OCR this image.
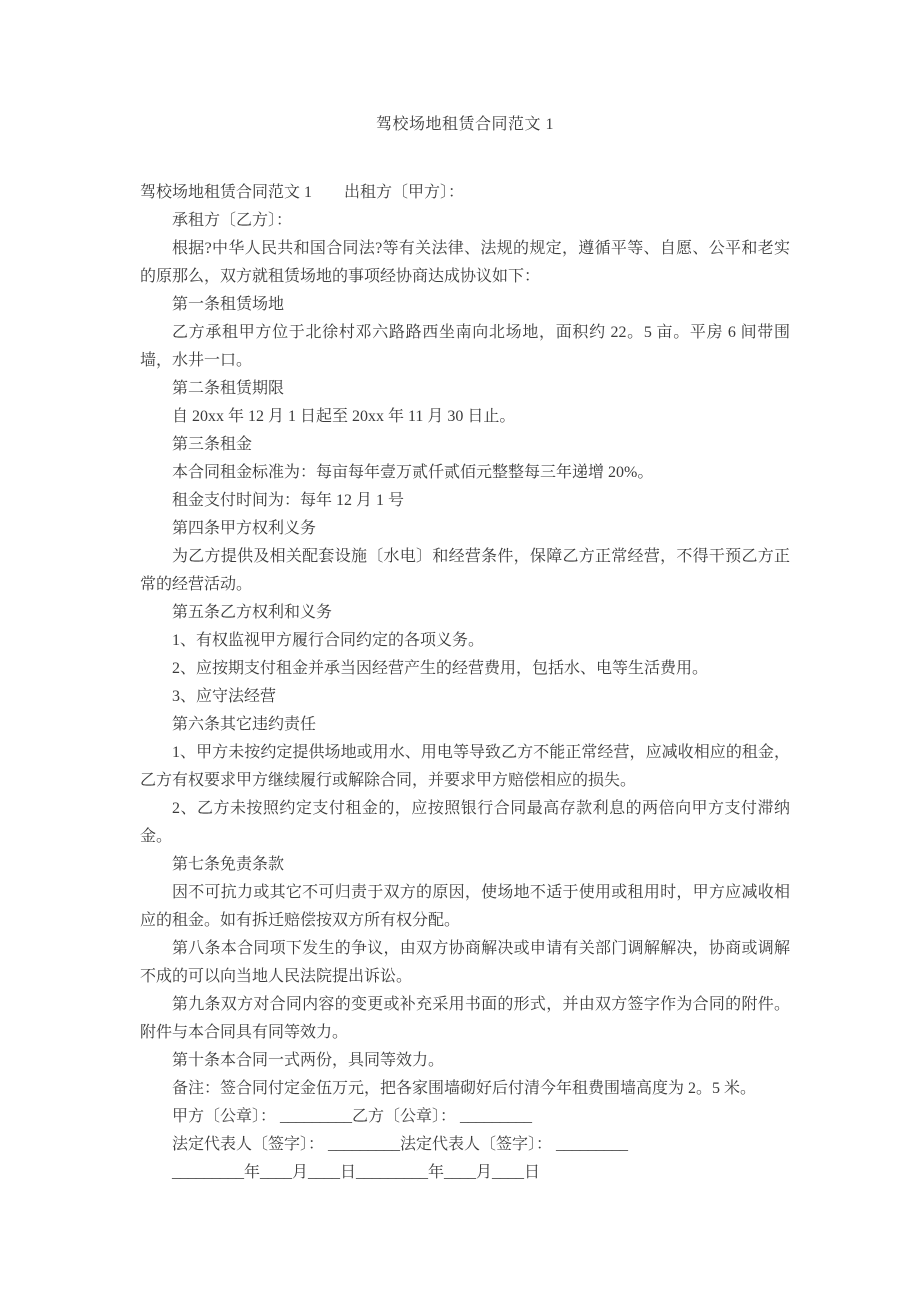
驾校场地租赁合同范文 1

驾校场地租赁合同范文 1　　出租方〔甲方〕：

承租方〔乙方〕：

根据?中华人民共和国合同法?等有关法律、法规的规定，遵循平等、自愿、公平和老实的原那么，双方就租赁场地的事项经协商达成协议如下：

第一条租赁场地

乙方承租甲方位于北徐村邓六路路西坐南向北场地，面积约 22。5 亩。平房 6 间带围墙，水井一口。

第二条租赁期限

自 20xx 年 12 月 1 日起至 20xx 年 11 月 30 日止。

第三条租金

本合同租金标准为：每亩每年壹万贰仟贰佰元整整每三年递增 20%。

租金支付时间为：每年 12 月 1 号

第四条甲方权利义务

为乙方提供及相关配套设施〔水电〕和经营条件，保障乙方正常经营，不得干预乙方正常的经营活动。

第五条乙方权利和义务

1、有权监视甲方履行合同约定的各项义务。

2、应按期支付租金并承当因经营产生的经营费用，包括水、电等生活费用。

3、应守法经营

第六条其它违约责任

1、甲方未按约定提供场地或用水、用电等导致乙方不能正常经营，应减收相应的租金，乙方有权要求甲方继续履行或解除合同，并要求甲方赔偿相应的损失。

2、乙方未按照约定支付租金的，应按照银行合同最高存款利息的两倍向甲方支付滞纳金。

第七条免责条款

因不可抗力或其它不可归责于双方的原因，使场地不适于使用或租用时，甲方应减收相应的租金。如有拆迁赔偿按双方所有权分配。

第八条本合同项下发生的争议，由双方协商解决或申请有关部门调解解决，协商或调解不成的可以向当地人民法院提出诉讼。

第九条双方对合同内容的变更或补充采用书面的形式，并由双方签字作为合同的附件。附件与本合同具有同等效力。

第十条本合同一式两份，具同等效力。

备注：签合同付定金伍万元，把各家围墙砌好后付清今年租费围墙高度为 2。5 米。

甲方〔公章〕： _________乙方〔公章〕： _________

法定代表人〔签字〕： _________法定代表人〔签字〕： _________

_________年____月____日_________年____月____日
